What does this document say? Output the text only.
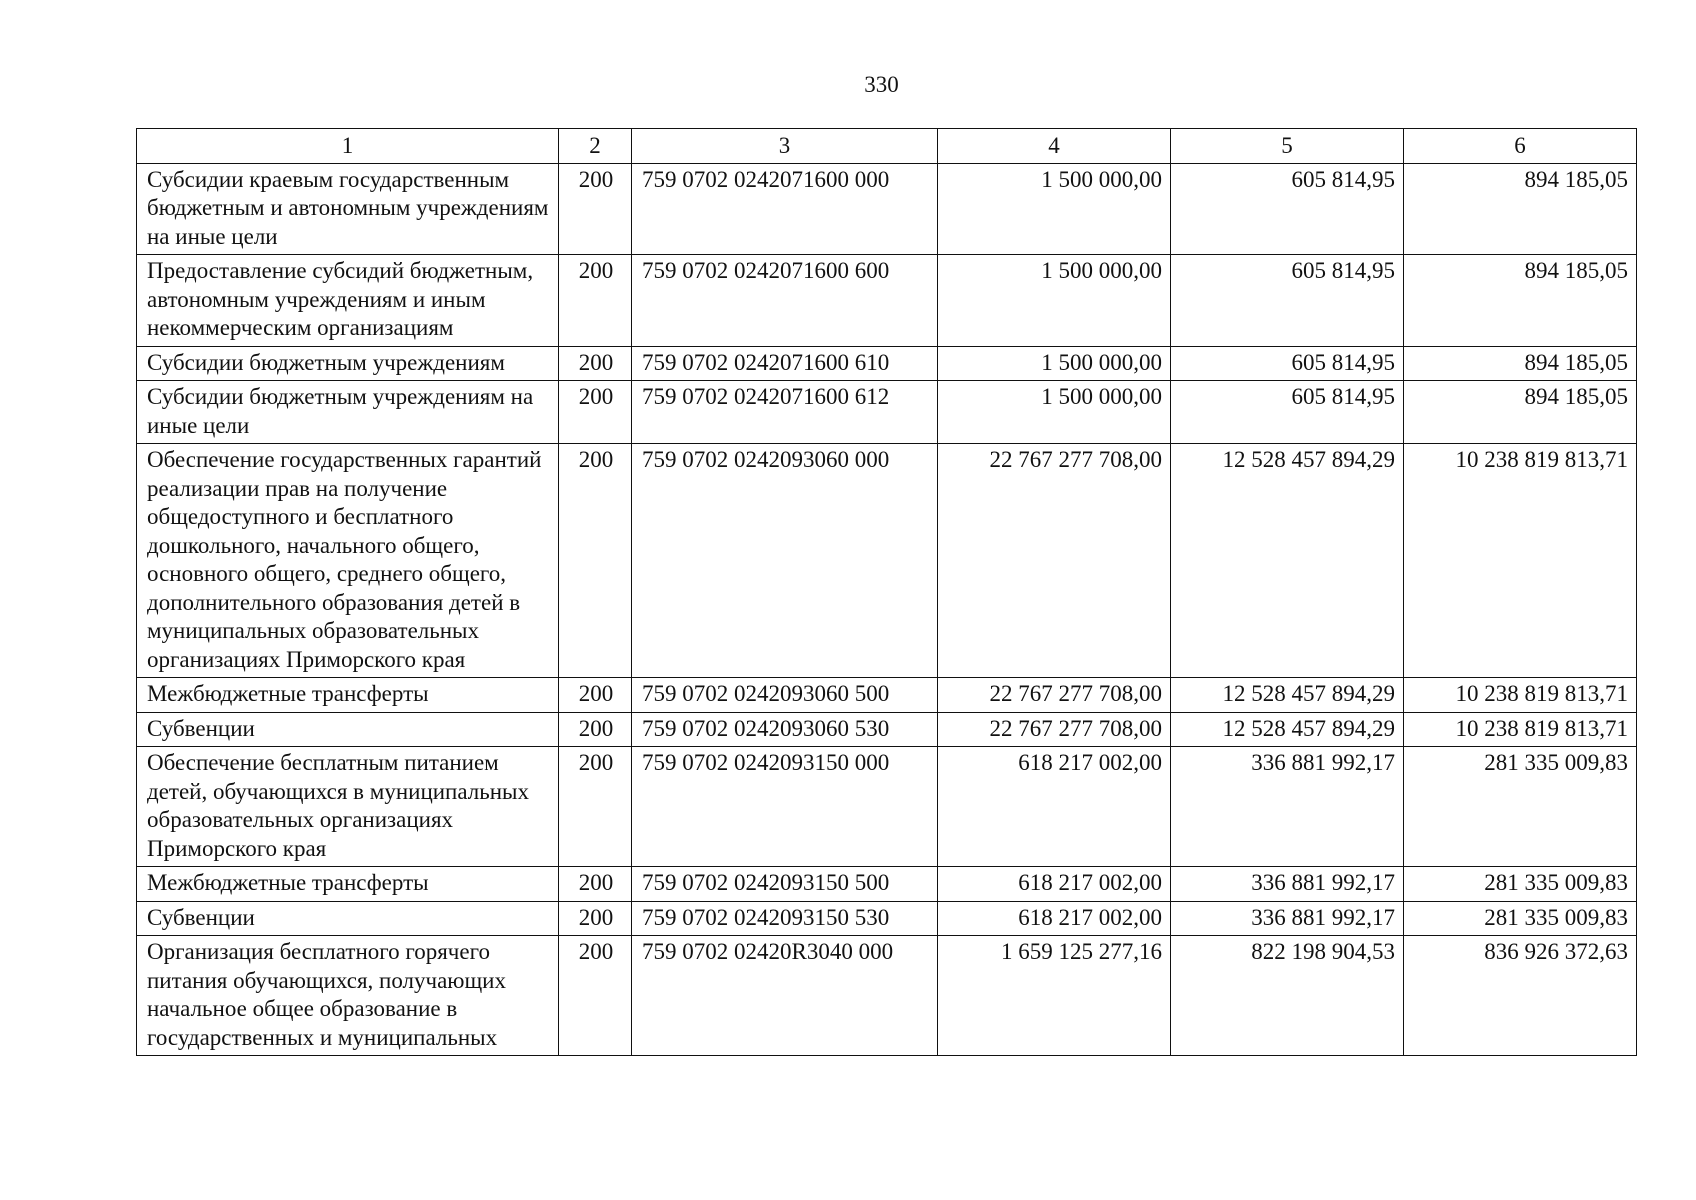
330
1	2	3	4	5	6
Субсидии краевым государственным бюджетным и автономным учреждениям на иные цели	200	759 0702 0242071600 000	1 500 000,00	605 814,95	894 185,05
Предоставление субсидий бюджетным, автономным учреждениям и иным некоммерческим организациям	200	759 0702 0242071600 600	1 500 000,00	605 814,95	894 185,05
Субсидии бюджетным учреждениям	200	759 0702 0242071600 610	1 500 000,00	605 814,95	894 185,05
Субсидии бюджетным учреждениям на иные цели	200	759 0702 0242071600 612	1 500 000,00	605 814,95	894 185,05
Обеспечение государственных гарантий реализации прав на получение общедоступного и бесплатного дошкольного, начального общего, основного общего, среднего общего, дополнительного образования детей в муниципальных образовательных организациях Приморского края	200	759 0702 0242093060 000	22 767 277 708,00	12 528 457 894,29	10 238 819 813,71
Межбюджетные трансферты	200	759 0702 0242093060 500	22 767 277 708,00	12 528 457 894,29	10 238 819 813,71
Субвенции	200	759 0702 0242093060 530	22 767 277 708,00	12 528 457 894,29	10 238 819 813,71
Обеспечение бесплатным питанием детей, обучающихся в муниципальных образовательных организациях Приморского края	200	759 0702 0242093150 000	618 217 002,00	336 881 992,17	281 335 009,83
Межбюджетные трансферты	200	759 0702 0242093150 500	618 217 002,00	336 881 992,17	281 335 009,83
Субвенции	200	759 0702 0242093150 530	618 217 002,00	336 881 992,17	281 335 009,83
Организация бесплатного горячего питания обучающихся, получающих начальное общее образование в государственных и муниципальных	200	759 0702 02420R3040 000	1 659 125 277,16	822 198 904,53	836 926 372,63
